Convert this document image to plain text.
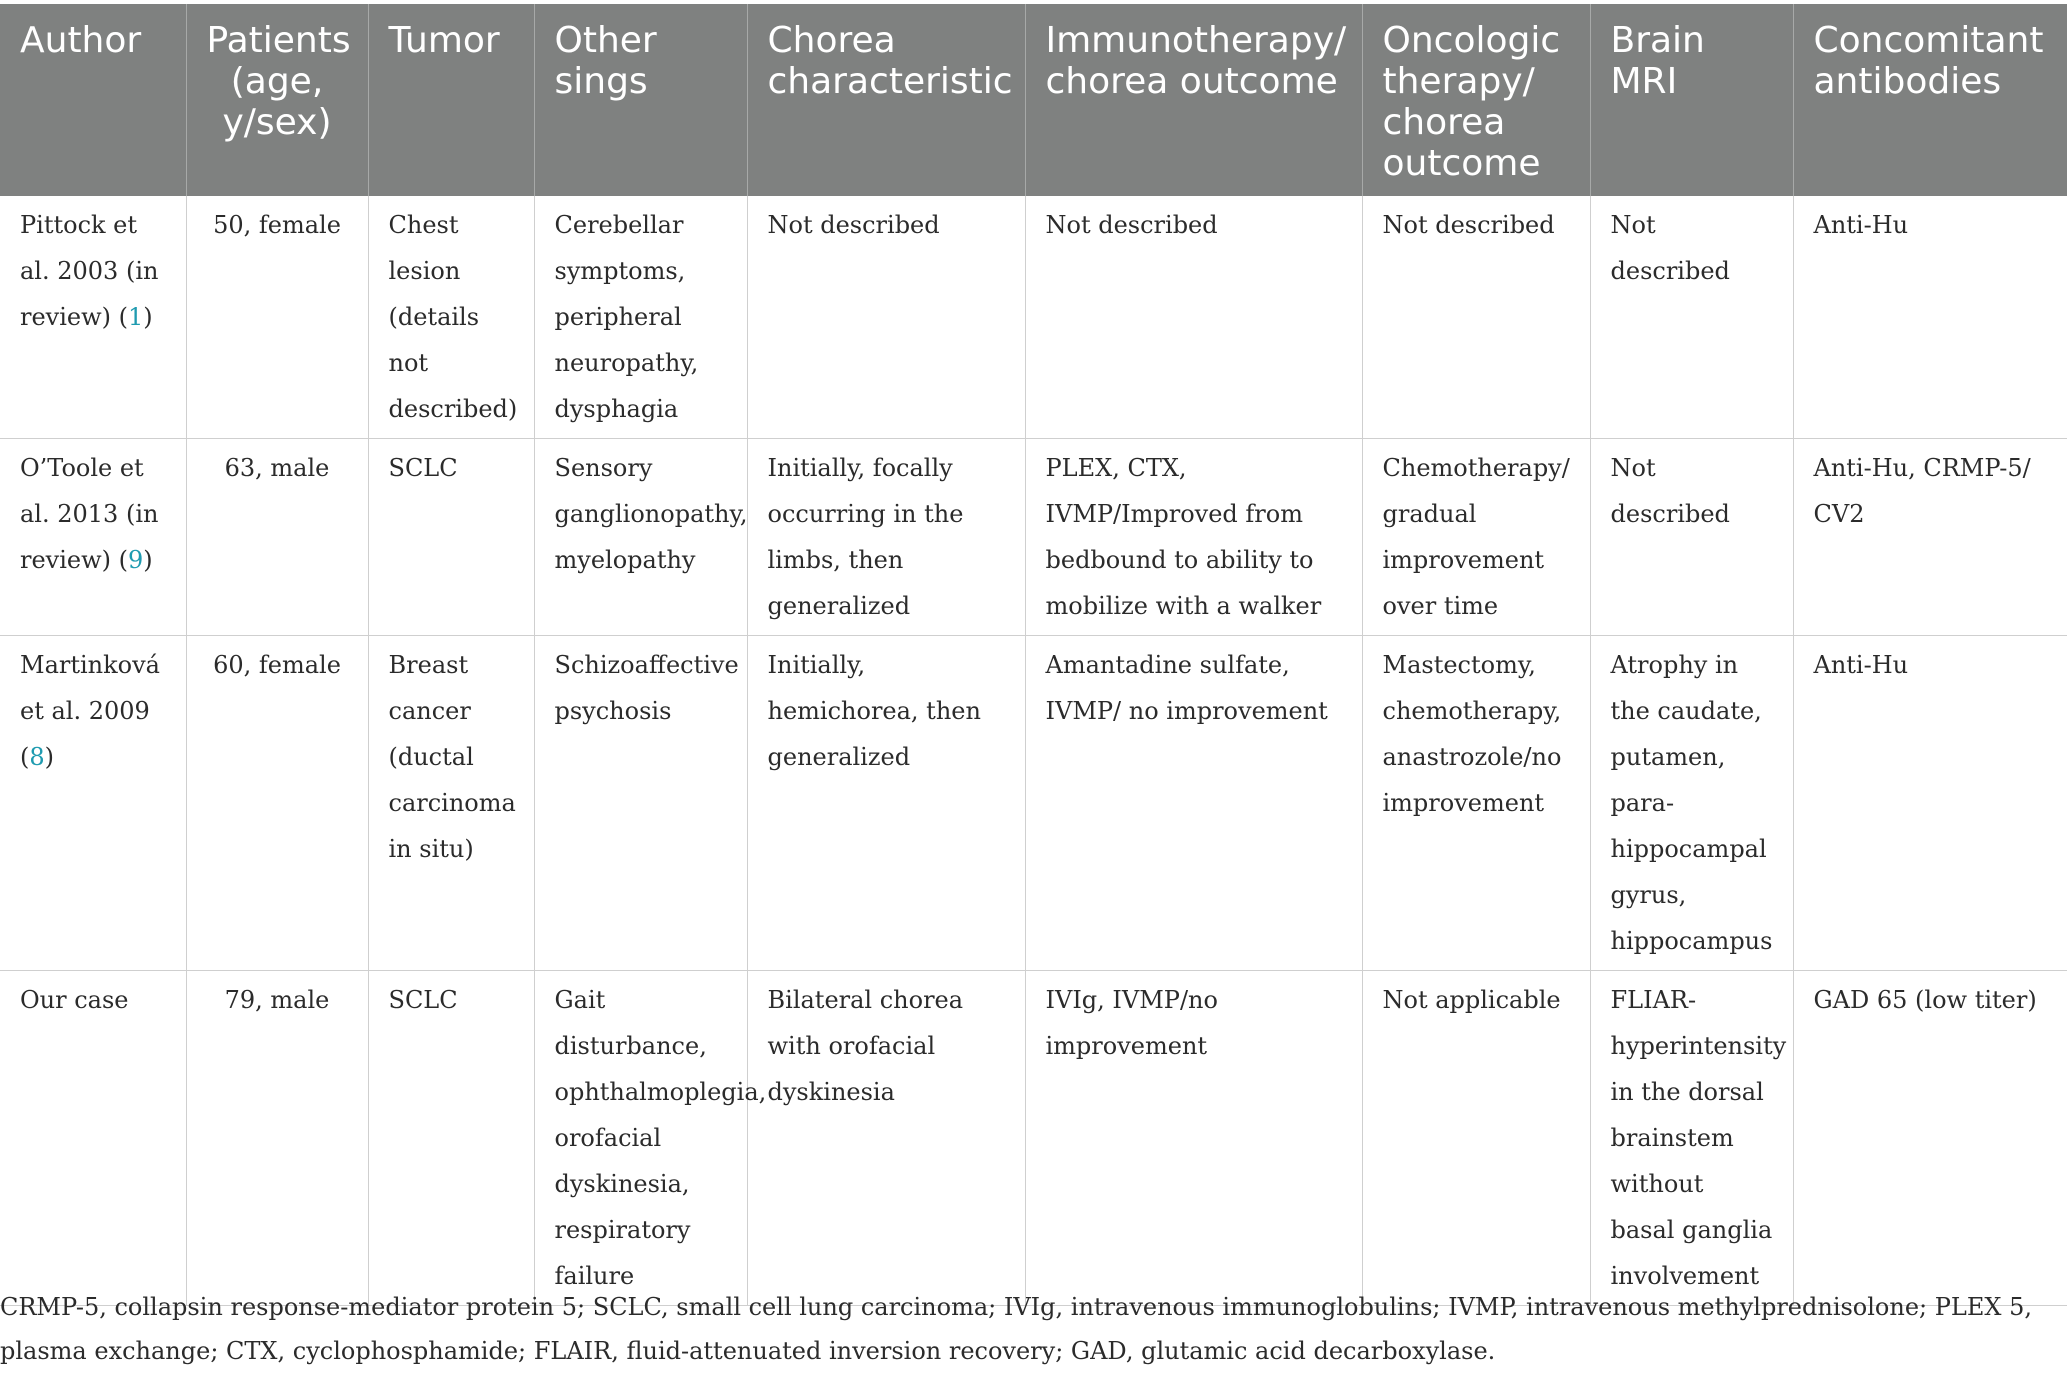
Author	Patients (age, y/sex)	Tumor	Other sings	Chorea characteristic	Immunotherapy/ chorea outcome	Oncologic therapy/ chorea outcome	Brain MRI	Concomitant antibodies
Pittock et al. 2003 (in review) (1)	50, female	Chest lesion (details not described)	Cerebellar symptoms, peripheral neuropathy, dysphagia	Not described	Not described	Not described	Not described	Anti-Hu
O’Toole et al. 2013 (in review) (9)	63, male	SCLC	Sensory ganglionopathy, myelopathy	Initially, focally occurring in the limbs, then generalized	PLEX, CTX, IVMP/Improved from bedbound to ability to mobilize with a walker	Chemotherapy/ gradual improvement over time	Not described	Anti-Hu, CRMP-5/ CV2
Martinková et al. 2009 (8)	60, female	Breast cancer (ductal carcinoma in situ)	Schizoaffective psychosis	Initially, hemichorea, then generalized	Amantadine sulfate, IVMP/ no improvement	Mastectomy, chemotherapy, anastrozole/no improvement	Atrophy in the caudate, putamen, para-hippocampal gyrus, hippocampus	Anti-Hu
Our case	79, male	SCLC	Gait disturbance, ophthalmoplegia, orofacial dyskinesia, respiratory failure	Bilateral chorea with orofacial dyskinesia	IVIg, IVMP/no improvement	Not applicable	FLIAR-hyperintensity in the dorsal brainstem without basal ganglia involvement	GAD 65 (low titer)
CRMP-5, collapsin response-mediator protein 5; SCLC, small cell lung carcinoma; IVIg, intravenous immunoglobulins; IVMP, intravenous methylprednisolone; PLEX 5, plasma exchange; CTX, cyclophosphamide; FLAIR, fluid-attenuated inversion recovery; GAD, glutamic acid decarboxylase.
